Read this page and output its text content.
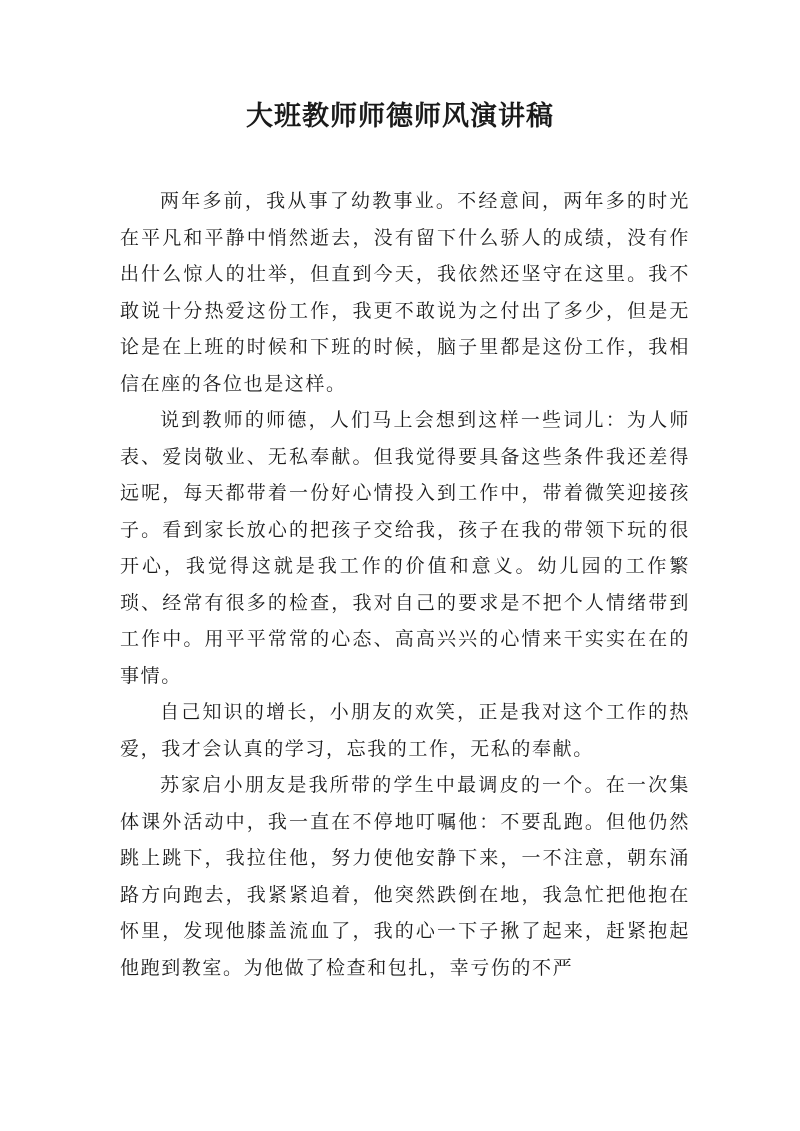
大班教师师德师风演讲稿

两年多前，我从事了幼教事业。不经意间，两年多的时光在平凡和平静中悄然逝去，没有留下什么骄人的成绩，没有作出什么惊人的壮举，但直到今天，我依然还坚守在这里。我不敢说十分热爱这份工作，我更不敢说为之付出了多少，但是无论是在上班的时候和下班的时候，脑子里都是这份工作，我相信在座的各位也是这样。

说到教师的师德，人们马上会想到这样一些词儿：为人师表、爱岗敬业、无私奉献。但我觉得要具备这些条件我还差得远呢，每天都带着一份好心情投入到工作中，带着微笑迎接孩子。看到家长放心的把孩子交给我，孩子在我的带领下玩的很开心，我觉得这就是我工作的价值和意义。幼儿园的工作繁琐、经常有很多的检查，我对自己的要求是不把个人情绪带到工作中。用平平常常的心态、高高兴兴的心情来干实实在在的事情。

自己知识的增长，小朋友的欢笑，正是我对这个工作的热爱，我才会认真的学习，忘我的工作，无私的奉献。

苏家启小朋友是我所带的学生中最调皮的一个。在一次集体课外活动中，我一直在不停地叮嘱他：不要乱跑。但他仍然跳上跳下，我拉住他，努力使他安静下来，一不注意，朝东涌路方向跑去，我紧紧追着，他突然跌倒在地，我急忙把他抱在怀里，发现他膝盖流血了，我的心一下子揪了起来，赶紧抱起他跑到教室。为他做了检查和包扎，幸亏伤的不严
